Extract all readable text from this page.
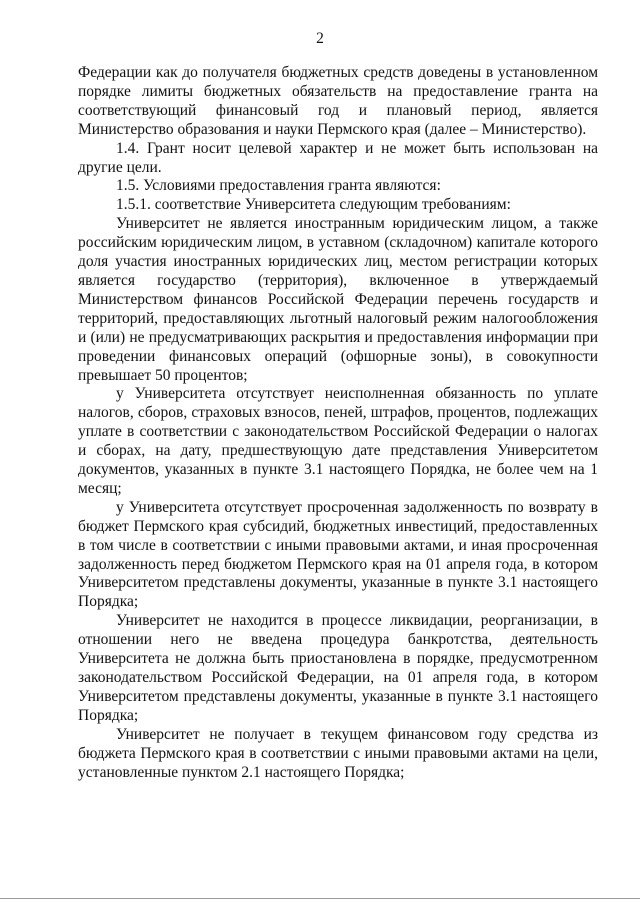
2

Федерации как до получателя бюджетных средств доведены в установленном порядке лимиты бюджетных обязательств на предоставление гранта на соответствующий финансовый год и плановый период, является Министерство образования и науки Пермского края (далее – Министерство).

1.4. Грант носит целевой характер и не может быть использован на другие цели.

1.5. Условиями предоставления гранта являются:

1.5.1. соответствие Университета следующим требованиям:

Университет не является иностранным юридическим лицом, а также российским юридическим лицом, в уставном (складочном) капитале которого доля участия иностранных юридических лиц, местом регистрации которых является государство (территория), включенное в утверждаемый Министерством финансов Российской Федерации перечень государств и территорий, предоставляющих льготный налоговый режим налогообложения и (или) не предусматривающих раскрытия и предоставления информации при проведении финансовых операций (офшорные зоны), в совокупности превышает 50 процентов;

у Университета отсутствует неисполненная обязанность по уплате налогов, сборов, страховых взносов, пеней, штрафов, процентов, подлежащих уплате в соответствии с законодательством Российской Федерации о налогах и сборах, на дату, предшествующую дате представления Университетом документов, указанных в пункте 3.1 настоящего Порядка, не более чем на 1 месяц;

у Университета отсутствует просроченная задолженность по возврату в бюджет Пермского края субсидий, бюджетных инвестиций, предоставленных в том числе в соответствии с иными правовыми актами, и иная просроченная задолженность перед бюджетом Пермского края на 01 апреля года, в котором Университетом представлены документы, указанные в пункте 3.1 настоящего Порядка;

Университет не находится в процессе ликвидации, реорганизации, в отношении него не введена процедура банкротства, деятельность Университета не должна быть приостановлена в порядке, предусмотренном законодательством Российской Федерации, на 01 апреля года, в котором Университетом представлены документы, указанные в пункте 3.1 настоящего Порядка;

Университет не получает в текущем финансовом году средства из бюджета Пермского края в соответствии с иными правовыми актами на цели, установленные пунктом 2.1 настоящего Порядка;
